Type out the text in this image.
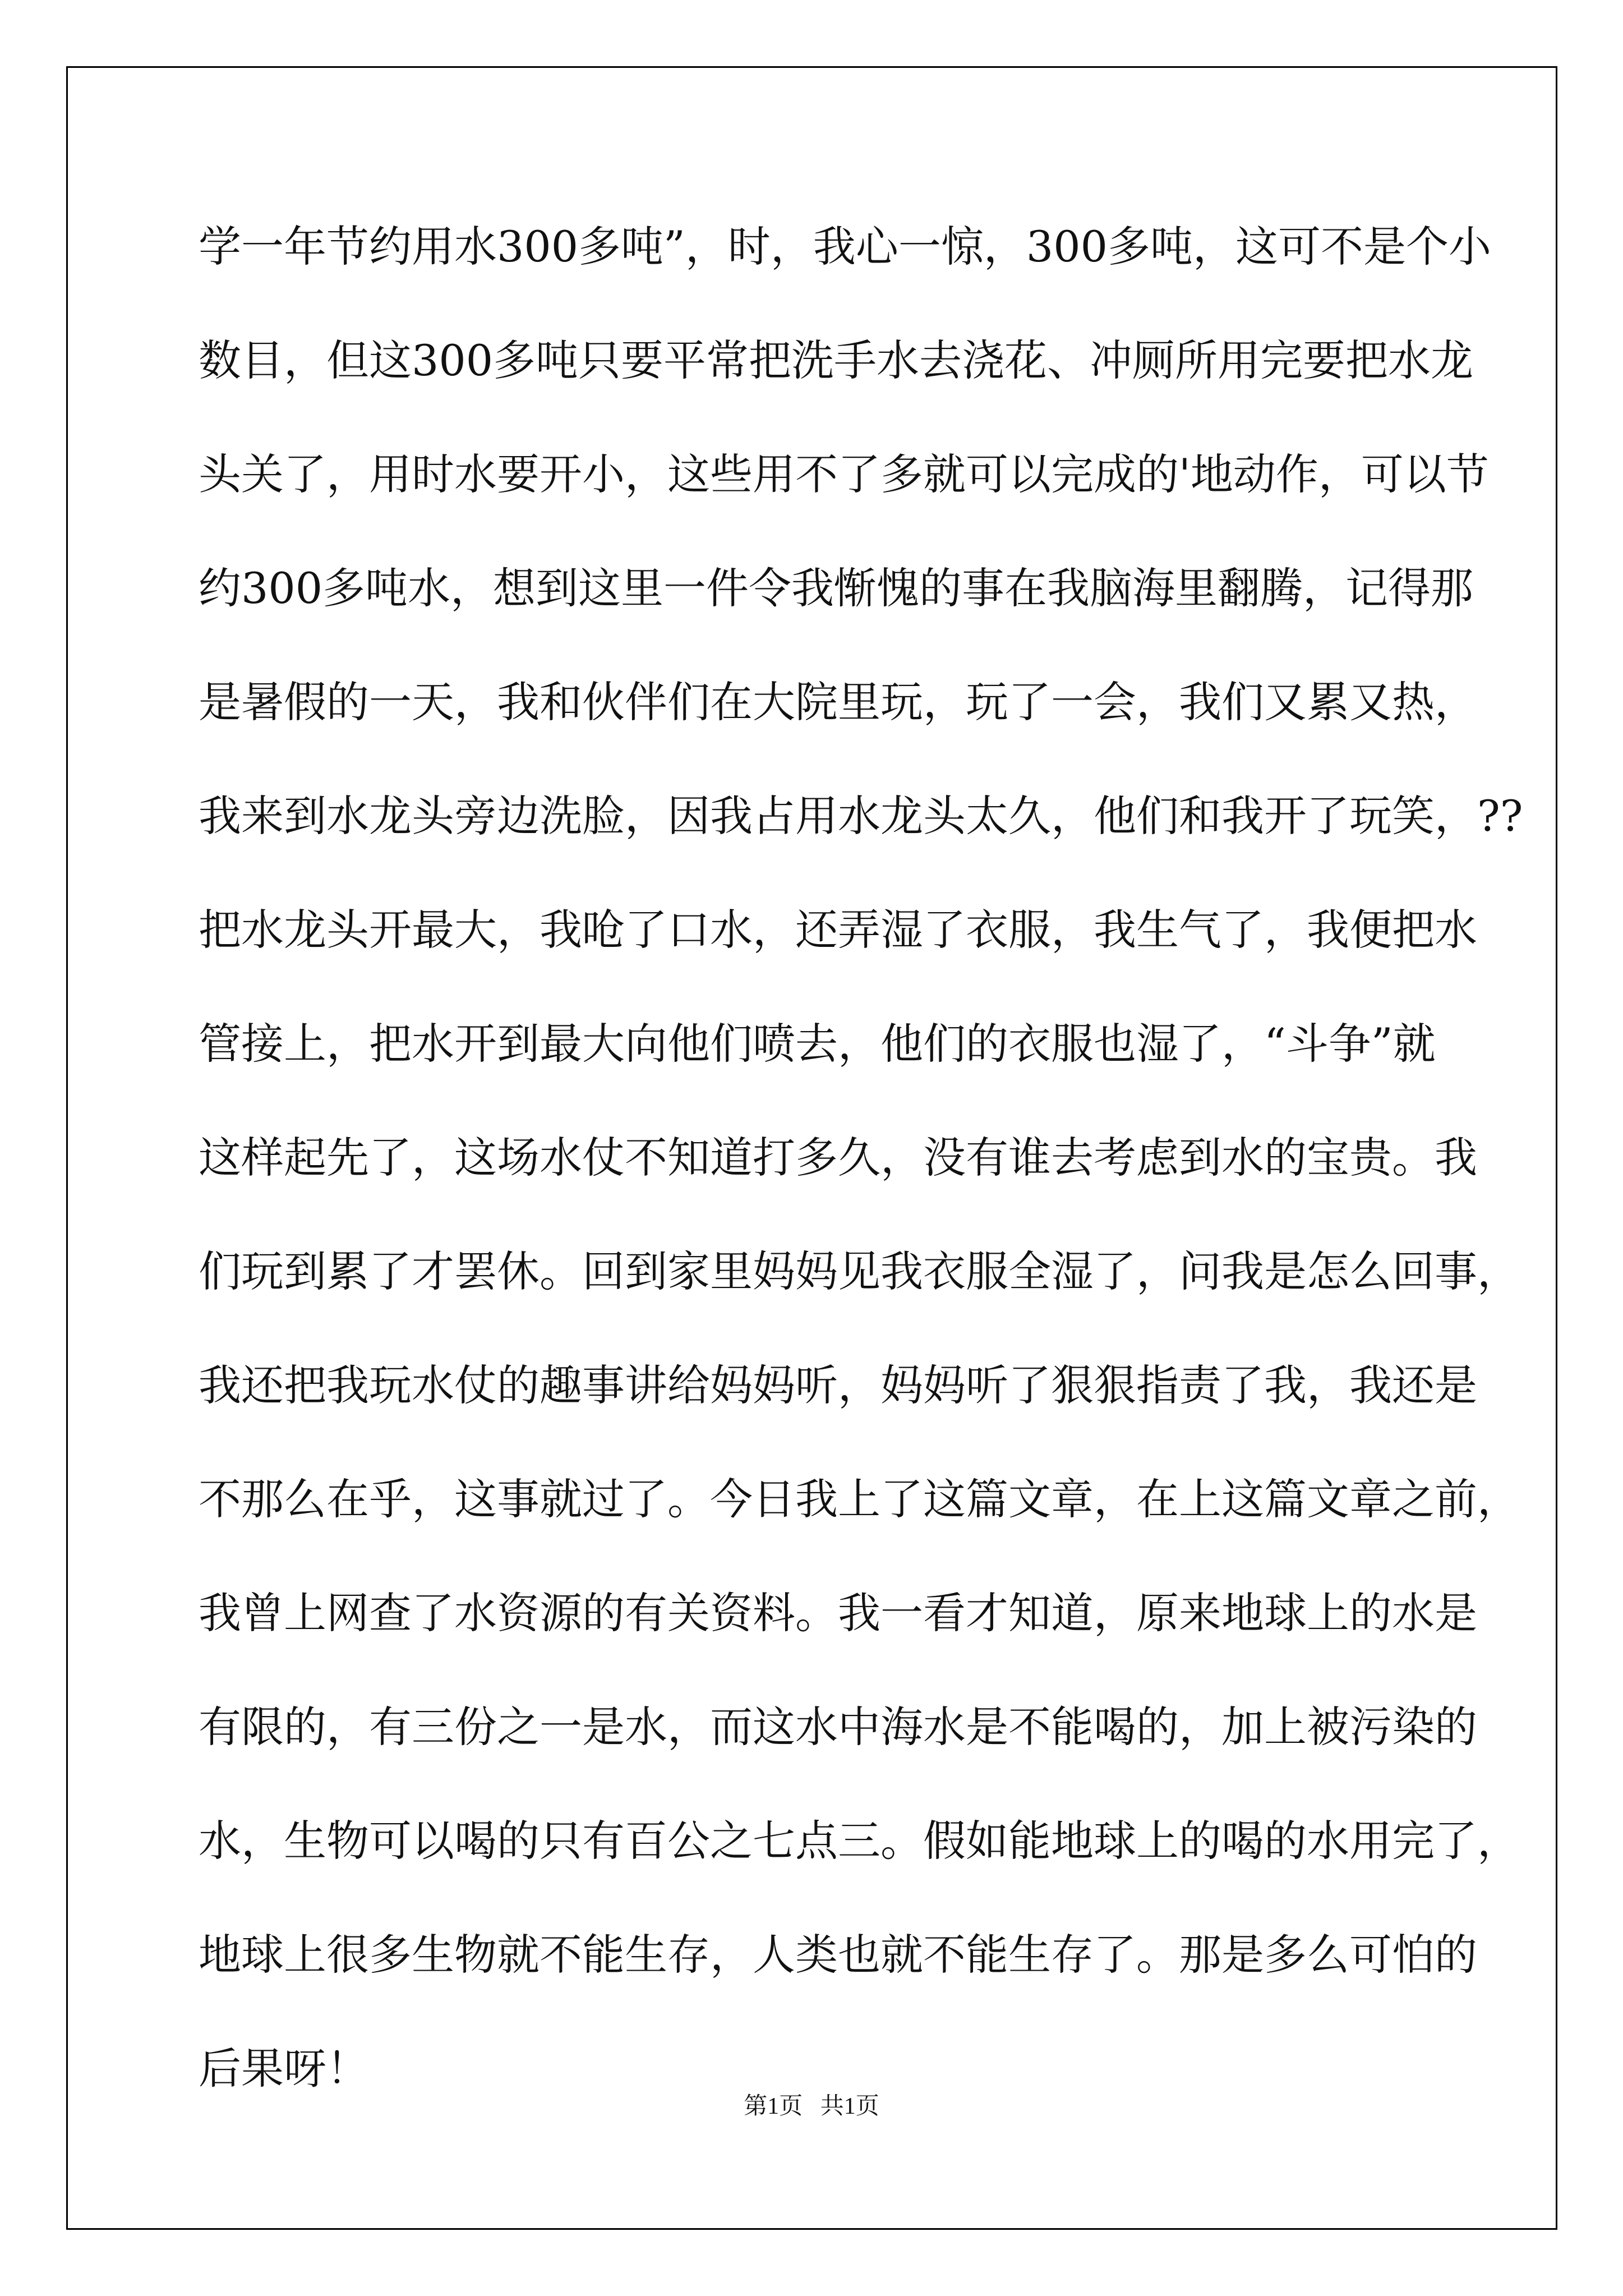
学一年节约用水300多吨”，时，我心一惊，300多吨，这可不是个小

数目，但这300多吨只要平常把洗手水去浇花、冲厕所用完要把水龙

头关了，用时水要开小，这些用不了多就可以完成的'地动作，可以节

约300多吨水，想到这里一件令我惭愧的事在我脑海里翻腾，记得那

是暑假的一天，我和伙伴们在大院里玩，玩了一会，我们又累又热，

我来到水龙头旁边洗脸，因我占用水龙头太久，他们和我开了玩笑，??

把水龙头开最大，我呛了口水，还弄湿了衣服，我生气了，我便把水

管接上，把水开到最大向他们喷去，他们的衣服也湿了，“斗争”就

这样起先了，这场水仗不知道打多久，没有谁去考虑到水的宝贵。我

们玩到累了才罢休。回到家里妈妈见我衣服全湿了，问我是怎么回事，

我还把我玩水仗的趣事讲给妈妈听，妈妈听了狠狠指责了我，我还是

不那么在乎，这事就过了。今日我上了这篇文章，在上这篇文章之前，

我曾上网查了水资源的有关资料。我一看才知道，原来地球上的水是

有限的，有三份之一是水，而这水中海水是不能喝的，加上被污染的

水，生物可以喝的只有百公之七点三。假如能地球上的喝的水用完了，

地球上很多生物就不能生存，人类也就不能生存了。那是多么可怕的

后果呀！

第1页   共1页
